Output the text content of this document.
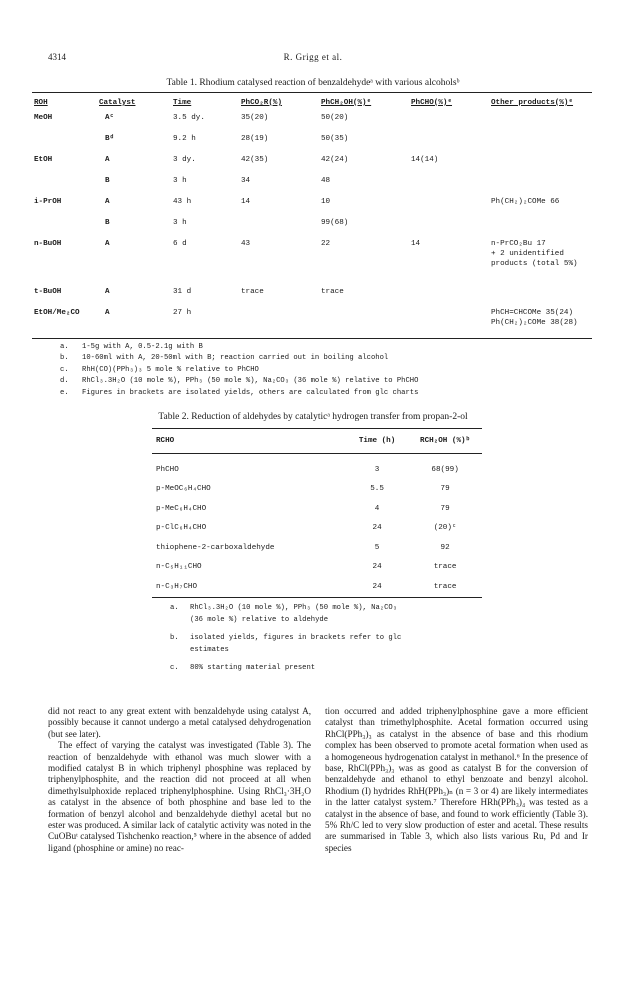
4314	R. Grigg et al.
Table 1. Rhodium catalysed reaction of benzaldehydeᵃ with various alcoholsᵇ
ROH	Catalyst	Time	PhCO₂R(%)	PhCH₂OH(%)ᵉ	PhCHO(%)ᵉ	Other products(%)ᵉ
MeOH	Aᶜ	3.5 dy.	35(20)	50(20)		
	Bᵈ	9.2 h	28(19)	50(35)		
EtOH	A	3 dy.	42(35)	42(24)	14(14)	
	B	3 h	34	48		
i-PrOH	A	43 h	14	10		Ph(CH₂)₂COMe 66
	B	3 h		99(68)		
n-BuOH	A	6 d	43	22	14	n-PrCO₂Bu 17
+ 2 unidentified
products (total 5%)
t-BuOH	A	31 d	trace	trace		
EtOH/Me₂CO	A	27 h				PhCH=CHCOMe 35(24)
Ph(CH₂)₂COMe 38(28)
a. 1-5g with A, 0.5-2.1g with B
b. 10-60ml with A, 20-50ml with B; reaction carried out in boiling alcohol
c. RhH(CO)(PPh₃)₃ 5 mole % relative to PhCHO
d. RhCl₃.3H₂O (10 mole %), PPh₃ (50 mole %), Na₂CO₃ (36 mole %) relative to PhCHO
e. Figures in brackets are isolated yields, others are calculated from glc charts
Table 2. Reduction of aldehydes by catalyticᵃ hydrogen transfer from propan-2-ol
RCHO	Time (h)	RCH₂OH (%)ᵇ
PhCHO	3	68(99)
p-MeOC₆H₄CHO	5.5	79
p-MeC₆H₄CHO	4	79
p-ClC₆H₄CHO	24	(20)ᶜ
thiophene-2-carboxaldehyde	5	92
n-C₅H₁₁CHO	24	trace
n-C₃H₇CHO	24	trace
a. RhCl₃.3H₂O (10 mole %), PPh₃ (50 mole %), Na₂CO₃
(36 mole %) relative to aldehyde
b. isolated yields, figures in brackets refer to glc
estimates
c. 80% starting material present

did not react to any great extent with benzaldehyde using catalyst A, possibly because it cannot undergo a metal catalysed dehydrogenation (but see later).

The effect of varying the catalyst was investigated (Table 3). The reaction of benzaldehyde with ethanol was much slower with a modified catalyst B in which triphenyl phosphine was replaced by triphenylphosphite, and the reaction did not proceed at all when dimethylsulphoxide replaced triphenylphosphine. Using RhCl₃·3H₂O as catalyst in the absence of both phosphine and base led to the formation of benzyl alcohol and benzaldehyde diethyl acetal but no ester was produced. A similar lack of catalytic activity was noted in the CuOBuᵗ catalysed Tishchenko reaction,⁵ where in the absence of added ligand (phosphine or amine) no reac-

tion occurred and added triphenylphosphine gave a more efficient catalyst than trimethylphosphite. Acetal formation occurred using RhCl(PPh₃)₃ as catalyst in the absence of base and this rhodium complex has been observed to promote acetal formation when used as a homogeneous hydrogenation catalyst in methanol.⁶ In the presence of base, RhCl(PPh₃)₃ was as good as catalyst B for the conversion of benzaldehyde and ethanol to ethyl benzoate and benzyl alcohol. Rhodium (I) hydrides RhH(PPh₃)ₙ (n = 3 or 4) are likely intermediates in the latter catalyst system.⁷ Therefore HRh(PPh₃)₄ was tested as a catalyst in the absence of base, and found to work efficiently (Table 3). 5% Rh/C led to very slow production of ester and acetal. These results are summarised in Table 3, which also lists various Ru, Pd and Ir species
